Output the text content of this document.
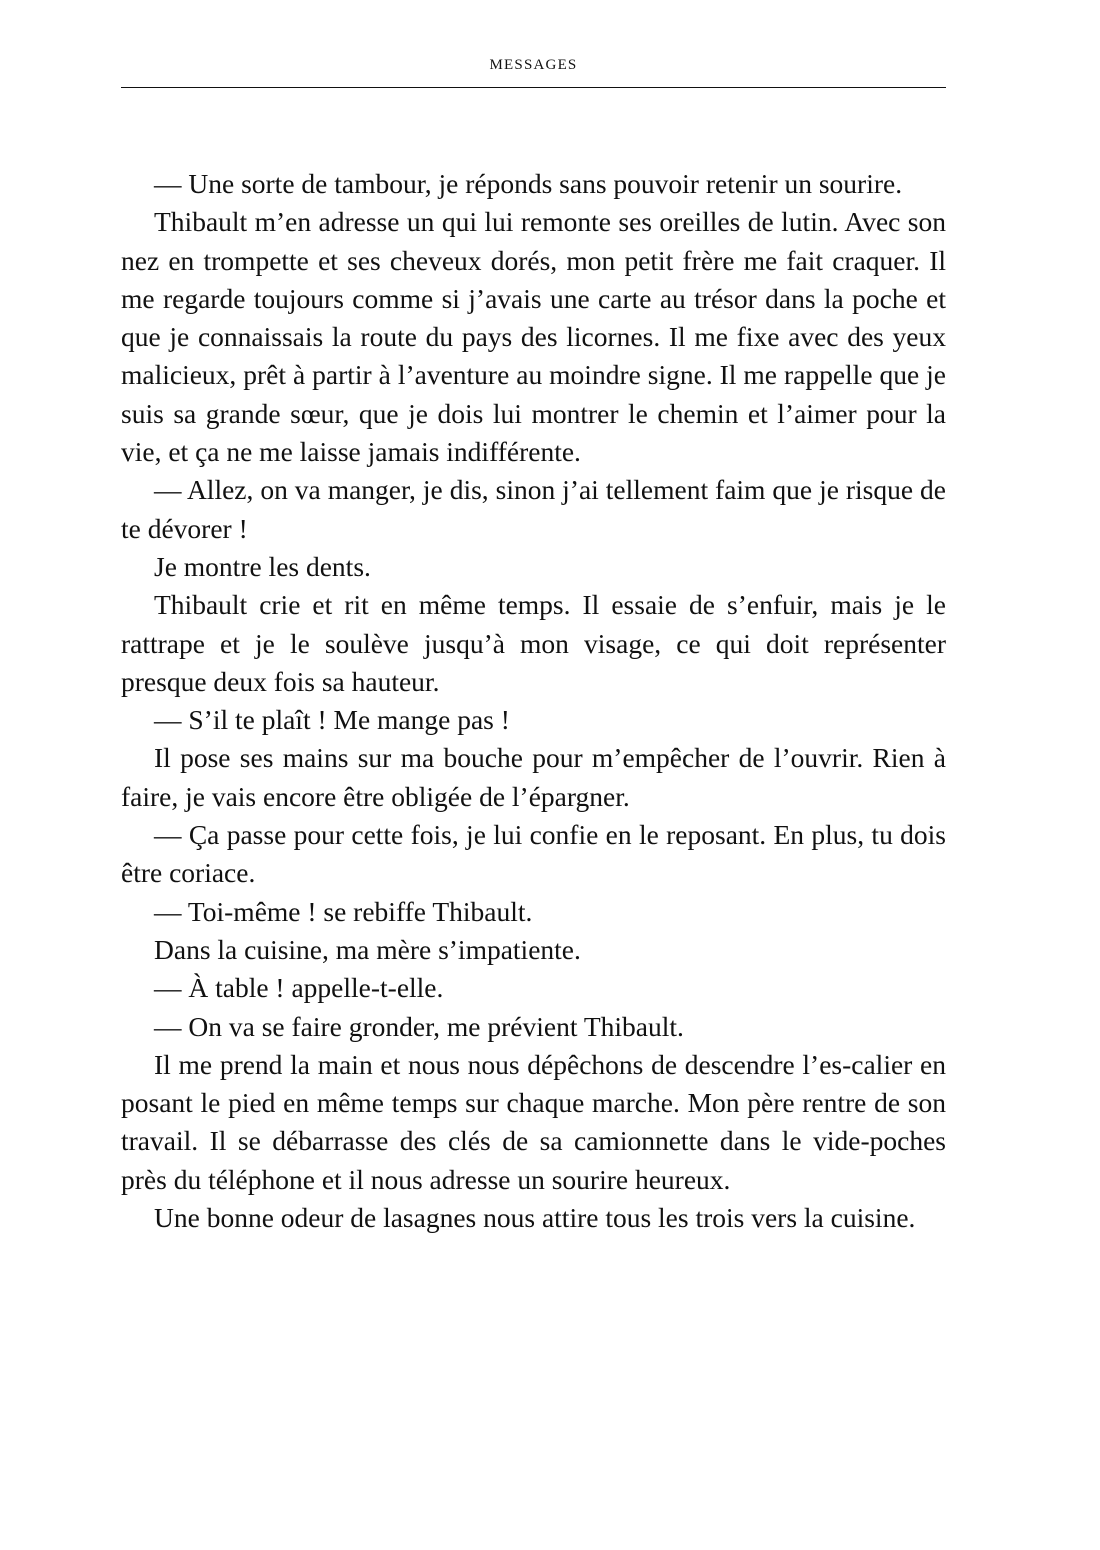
MESSAGES

— Une sorte de tambour, je réponds sans pouvoir retenir un sourire.

Thibault m’en adresse un qui lui remonte ses oreilles de lutin. Avec son nez en trompette et ses cheveux dorés, mon petit frère me fait craquer. Il me regarde toujours comme si j’avais une carte au trésor dans la poche et que je connaissais la route du pays des licornes. Il me fixe avec des yeux malicieux, prêt à partir à l’aventure au moindre signe. Il me rappelle que je suis sa grande sœur, que je dois lui montrer le chemin et l’aimer pour la vie, et ça ne me laisse jamais indifférente.

— Allez, on va manger, je dis, sinon j’ai tellement faim que je risque de te dévorer !

Je montre les dents.

Thibault crie et rit en même temps. Il essaie de s’enfuir, mais je le rattrape et je le soulève jusqu’à mon visage, ce qui doit représenter presque deux fois sa hauteur.

— S’il te plaît ! Me mange pas !

Il pose ses mains sur ma bouche pour m’empêcher de l’ouvrir. Rien à faire, je vais encore être obligée de l’épargner.

— Ça passe pour cette fois, je lui confie en le reposant. En plus, tu dois être coriace.

— Toi-même ! se rebiffe Thibault.

Dans la cuisine, ma mère s’impatiente.

— À table ! appelle-t-elle.

— On va se faire gronder, me prévient Thibault.

Il me prend la main et nous nous dépêchons de descendre l’es-calier en posant le pied en même temps sur chaque marche. Mon père rentre de son travail. Il se débarrasse des clés de sa camionnette dans le vide-poches près du téléphone et il nous adresse un sourire heureux.

Une bonne odeur de lasagnes nous attire tous les trois vers la cuisine.
